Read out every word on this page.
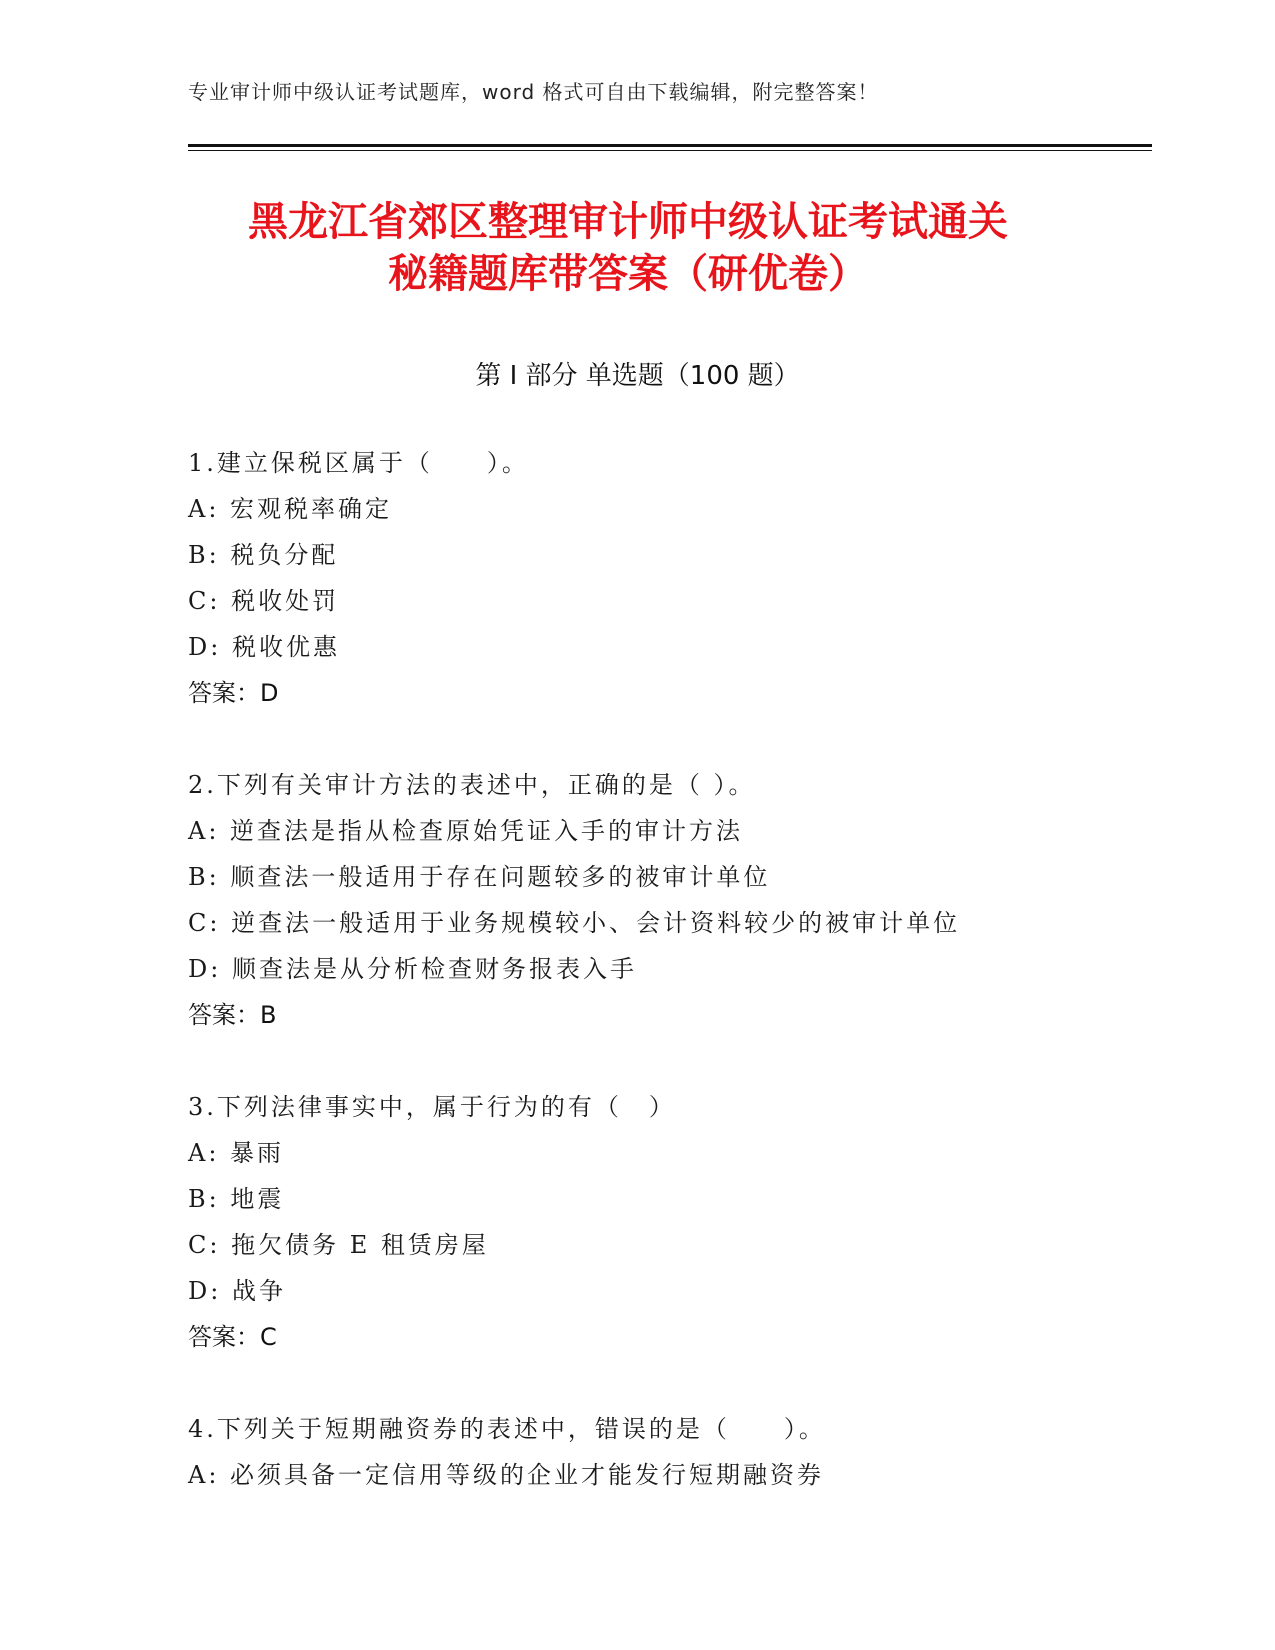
专业审计师中级认证考试题库，word 格式可自由下载编辑，附完整答案！
黑龙江省郊区整理审计师中级认证考试通关
秘籍题库带答案（研优卷）
第 I 部分 单选题（100 题）
1.建立保税区属于（　　）。
A: 宏观税率确定
B: 税负分配
C: 税收处罚
D: 税收优惠
答案：D
2.下列有关审计方法的表述中，正确的是（ ）。
A: 逆查法是指从检查原始凭证入手的审计方法
B: 顺查法一般适用于存在问题较多的被审计单位
C: 逆查法一般适用于业务规模较小、会计资料较少的被审计单位
D: 顺查法是从分析检查财务报表入手
答案：B
3.下列法律事实中，属于行为的有（　）
A: 暴雨
B: 地震
C: 拖欠债务 E 租赁房屋
D: 战争
答案：C
4.下列关于短期融资券的表述中，错误的是（　　）。
A: 必须具备一定信用等级的企业才能发行短期融资券
